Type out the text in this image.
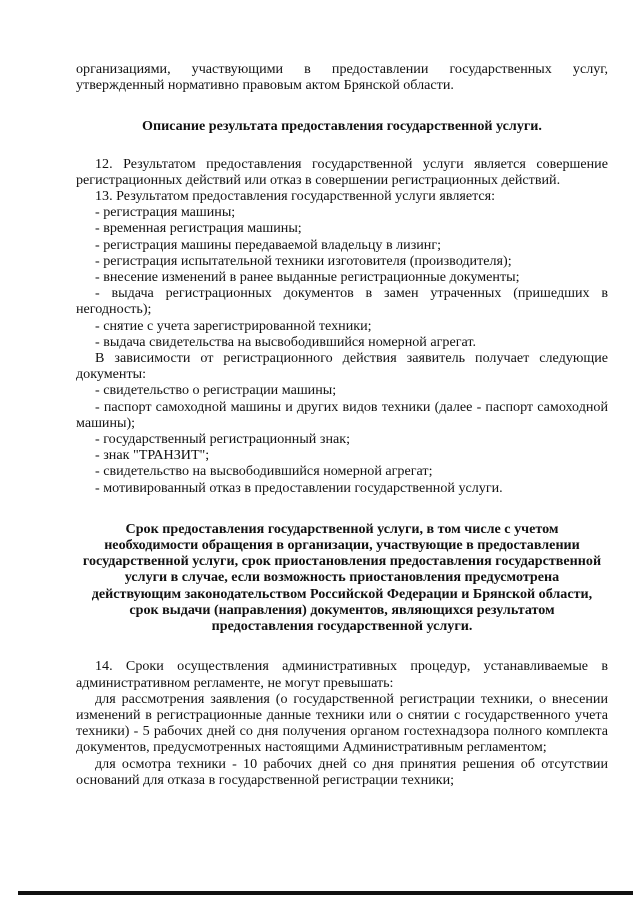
организациями, участвующими в предоставлении государственных услуг,

утвержденный нормативно правовым актом Брянской области.

Описание результата предоставления государственной услуги.

12. Результатом предоставления государственной услуги является совершение регистрационных действий или отказ в совершении регистрационных действий.

13. Результатом предоставления государственной услуги является:

- регистрация машины;

- временная регистрация машины;

- регистрация машины передаваемой владельцу в лизинг;

- регистрация испытательной техники изготовителя (производителя);

- внесение изменений в ранее выданные регистрационные документы;

- выдача регистрационных документов в замен утраченных (пришедших в негодность);

- снятие с учета зарегистрированной техники;

- выдача свидетельства на высвободившийся номерной агрегат.

В зависимости от регистрационного действия заявитель получает следующие документы:

- свидетельство о регистрации машины;

- паспорт самоходной машины и других видов техники (далее - паспорт самоходной машины);

- государственный регистрационный знак;

- знак "ТРАНЗИТ";

- свидетельство на высвободившийся номерной агрегат;

- мотивированный отказ в предоставлении государственной услуги.

Срок предоставления государственной услуги, в том числе с учетом необходимости обращения в организации, участвующие в предоставлении государственной услуги, срок приостановления предоставления государственной услуги в случае, если возможность приостановления предусмотрена действующим законодательством Российской Федерации и Брянской области, срок выдачи (направления) документов, являющихся результатом предоставления государственной услуги.

14. Сроки осуществления административных процедур, устанавливаемые в административном регламенте, не могут превышать:

для рассмотрения заявления (о государственной регистрации техники, о внесении изменений в регистрационные данные техники или о снятии с государственного учета техники) - 5 рабочих дней со дня получения органом гостехнадзора полного комплекта документов, предусмотренных настоящими Административным регламентом;

для осмотра техники - 10 рабочих дней со дня принятия решения об отсутствии оснований для отказа в государственной регистрации техники;
